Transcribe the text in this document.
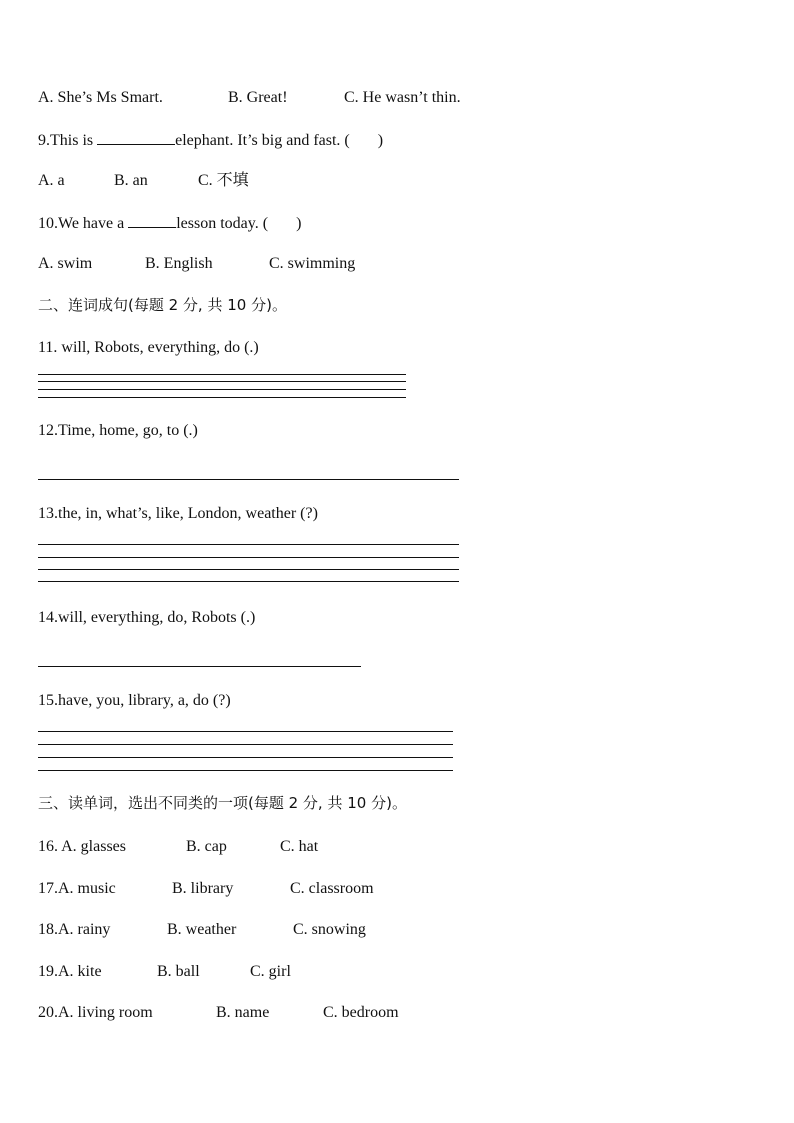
A. She’s Ms Smart.	B. Great!	C. He wasn’t thin.
9.This is	elephant. It’s big and fast. ( )
A. a	B. an	C. 不填
10.We have a	lesson today. ( )
A. swim	B. English	C. swimming
二、连词成句(每题 2 分, 共 10 分)。
11. will, Robots, everything, do (.)
12.Time, home, go, to (.)
13.the, in, what’s, like, London, weather (?)
14.will, everything, do, Robots (.)
15.have, you, library, a, do (?)
三、读单词，选出不同类的一项(每题 2 分, 共 10 分)。
16. A. glasses	B. cap	C. hat
17.A. music	B. library	C. classroom
18.A. rainy	B. weather	C. snowing
19.A. kite	B. ball	C. girl
20.A. living room	B. name	C. bedroom
